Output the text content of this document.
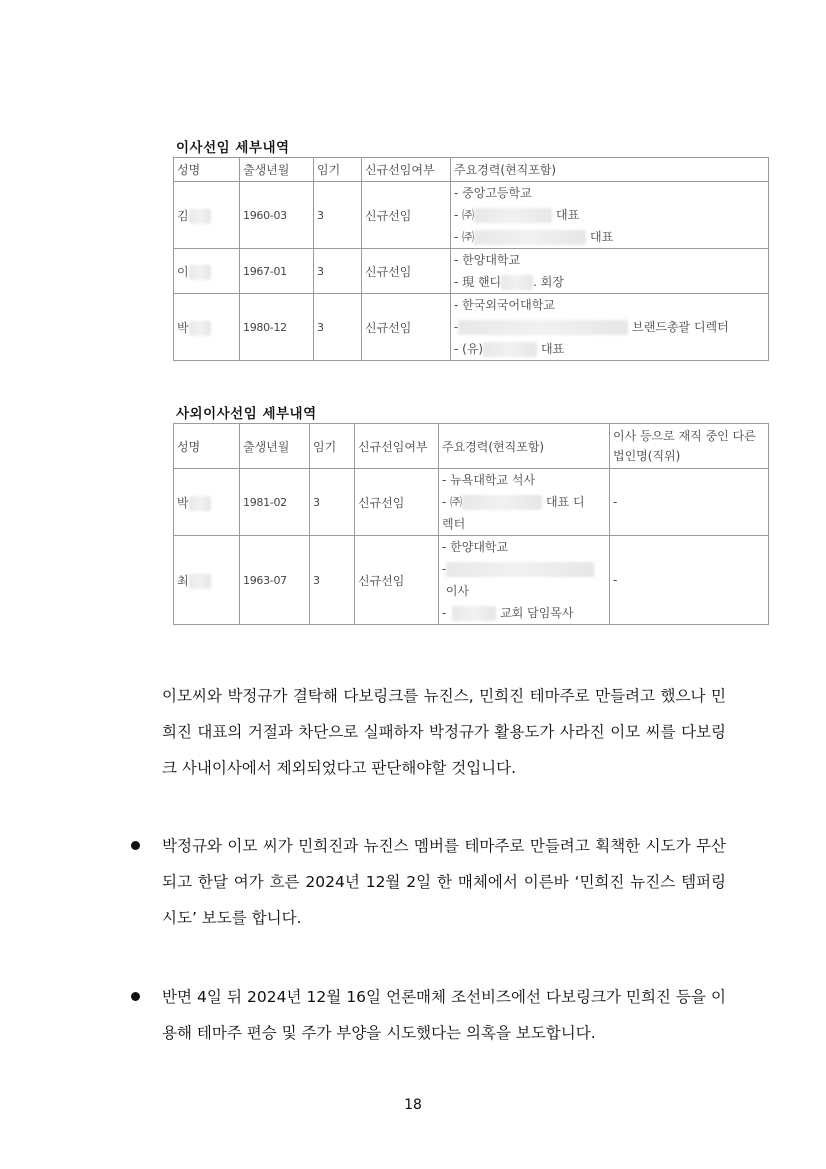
이사선임 세부내역
성명	출생년월	임기	신규선임여부	주요경력(현직포함)
김	1960-03	3	신규선임	- 중앙고등학교
- ㈜ 대표
- ㈜ 대표

이	1967-01	3	신규선임	- 한양대학교
- 現 핸디 . 회장

박	1980-12	3	신규선임	- 한국외국어대학교
- 브랜드총괄 디렉터
- (유) 대표
사외이사선임 세부내역
성명	출생년월	임기	신규선임여부	주요경력(현직포함)	이사 등으로 재직 중인 다른 법인명(직위)
박	1981-02	3	신규선임	- 뉴욕대학교 석사
- ㈜ 대표 디
렉터	-
최	1963-07	3	신규선임	- 한양대학교
-
이사
- 교회 담임목사	-
이모씨와 박정규가 결탁해 다보링크를 뉴진스, 민희진 테마주로 만들려고 했으나 민희진 대표의 거절과 차단으로 실패하자 박정규가 활용도가 사라진 이모 씨를 다보링크 사내이사에서 제외되었다고 판단해야할 것입니다.
박정규와 이모 씨가 민희진과 뉴진스 멤버를 테마주로 만들려고 획책한 시도가 무산되고 한달 여가 흐른 2024년 12월 2일 한 매체에서 이른바 ‘민희진 뉴진스 템퍼링 시도’ 보도를 합니다.
반면 4일 뒤 2024년 12월 16일 언론매체 조선비즈에선 다보링크가 민희진 등을 이용해 테마주 편승 및 주가 부양을 시도했다는 의혹을 보도합니다.
18
